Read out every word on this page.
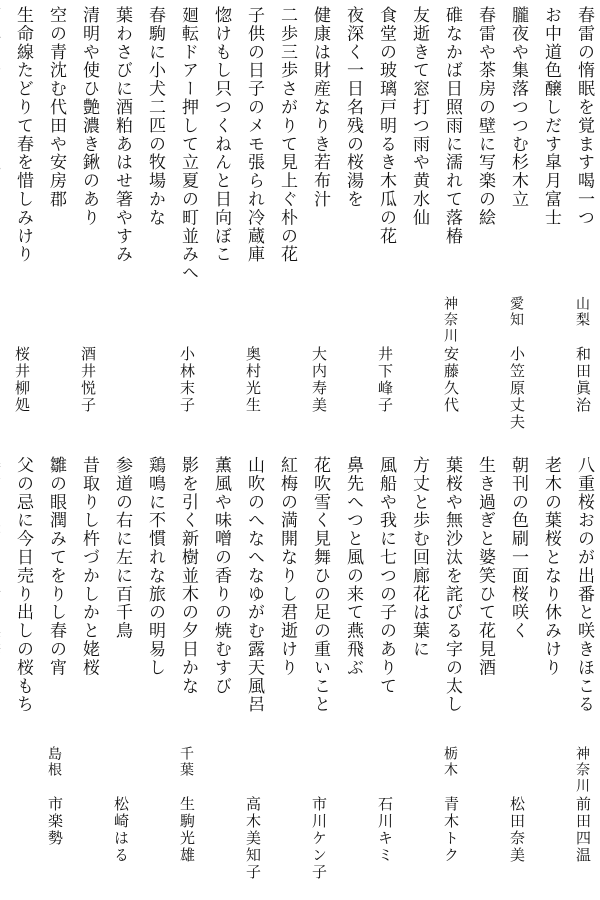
春雷の惰眠を覚ます喝一つ
山梨
和田眞治
お中道色醸しだす皐月富士
朧夜や集落つつむ杉木立
愛知
小笠原丈夫
春雷や茶房の壁に写楽の絵
碓なかば日照雨に濡れて落椿
神奈川
安藤久代
友逝きて窓打つ雨や黄水仙
食堂の玻璃戸明るき木瓜の花
井下峰子
夜深く一日名残の桜湯を
健康は財産なりき若布汁
大内寿美
二歩三歩さがりて見上ぐ朴の花
子供の日子のメモ張られ冷蔵庫
奥村光生
惚けもし只つくねんと日向ぼこ
廻転ドアー押して立夏の町並みへ
小林末子
春駒に小犬二匹の牧場かな
葉わさびに酒粕あはせ箸やすみ
清明や使ひ艶濃き鍬のあり
酒井悦子
空の青沈む代田や安房郡
生命線たどりて春を惜しみけり
桜井柳処
八重桜おのが出番と咲きほこる
神奈川
前田四温
老木の葉桜となり休みけり
朝刊の色刷一面桜咲く
松田奈美
生き過ぎと婆笑ひて花見酒
葉桜や無沙汰を詫びる字の太し
栃木
青木トク
方丈と歩む回廊花は葉に
風船や我に七つの子のありて
石川キミ
鼻先へつと風の来て燕飛ぶ
花吹雪く見舞ひの足の重いこと
市川ケン子
紅梅の満開なりし君逝けり
山吹のへなへなゆがむ露天風呂
高木美知子
薫風や味噌の香りの焼むすび
影を引く新樹並木の夕日かな
千葉
生駒光雄
鶏鳴に不慣れな旅の明易し
参道の右に左に百千鳥
松崎はる
昔取りし杵づかしかと姥桜
雛の眼潤みてをりし春の宵
島根
市楽勢
父の忌に今日売り出しの桜もち
